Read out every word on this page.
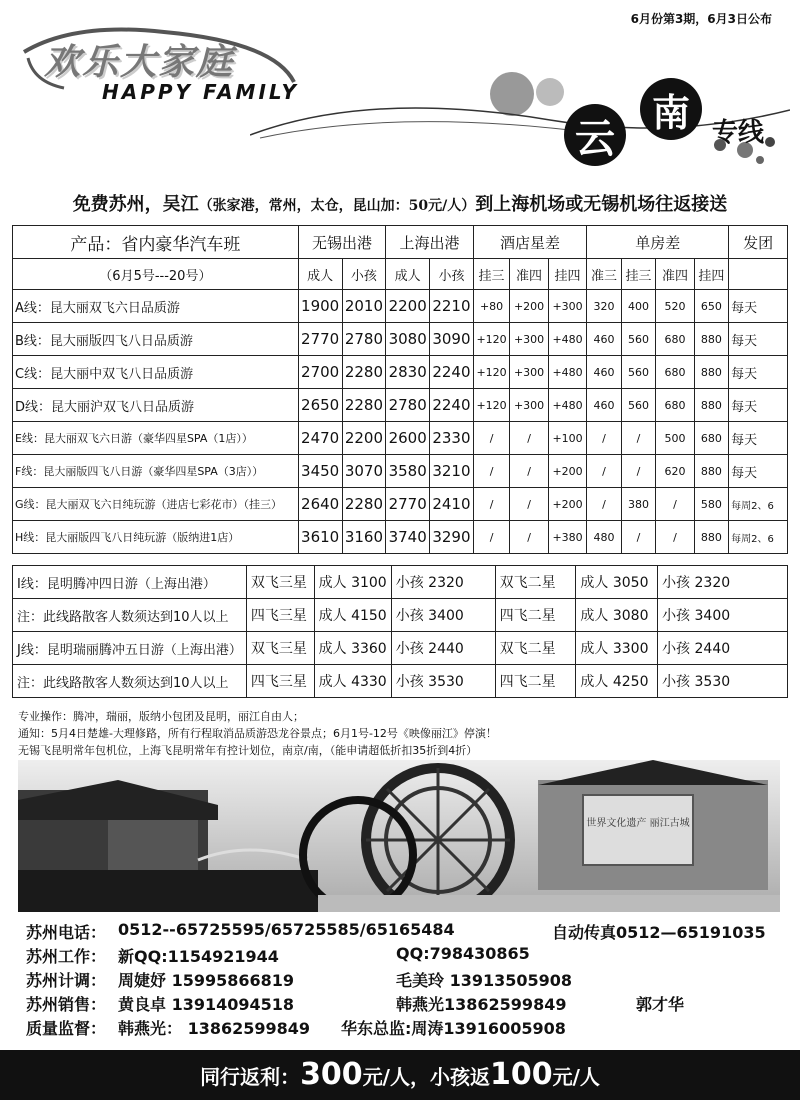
6月份第3期，6月3日公布
欢乐大家庭
HAPPY FAMILY
云
南 专线
免费苏州，吴江（张家港，常州，太仓，昆山加：50元/人）到上海机场或无锡机场往返接送
产品：省内豪华汽车班	无锡出港		上海出港		酒店星差			单房差				发团
（6月5号---20号）	成人	小孩	成人	小孩	挂三	准四	挂四	准三	挂三	准四	挂四	
A线：昆大丽双飞六日品质游	1900	2010	2200	2210	+80	+200	+300	320	400	520	650	每天
B线：昆大丽版四飞八日品质游	2770	2780	3080	3090	+120	+300	+480	460	560	680	880	每天
C线：昆大丽中双飞八日品质游	2700	2280	2830	2240	+120	+300	+480	460	560	680	880	每天
D线：昆大丽沪双飞八日品质游	2650	2280	2780	2240	+120	+300	+480	460	560	680	880	每天
E线：昆大丽双飞六日游（豪华四星SPA（1店））	2470	2200	2600	2330	/	/	+100	/	/	500	680	每天
F线：昆大丽版四飞八日游（豪华四星SPA（3店））	3450	3070	3580	3210	/	/	+200	/	/	620	880	每天
G线：昆大丽双飞六日纯玩游（进店七彩花市）（挂三）	2640	2280	2770	2410	/	/	+200	/	380	/	580	每周2、6
H线：昆大丽版四飞八日纯玩游（版纳进1店）	3610	3160	3740	3290	/	/	+380	480	/	/	880	每周2、6
I线：昆明腾冲四日游（上海出港）	双飞三星	成人 3100	小孩 2320	双飞二星	成人 3050	小孩 2320
注：此线路散客人数须达到10人以上	四飞三星	成人 4150	小孩 3400	四飞二星	成人 3080	小孩 3400
J线：昆明瑞丽腾冲五日游（上海出港）	双飞三星	成人 3360	小孩 2440	双飞二星	成人 3300	小孩 2440
注：此线路散客人数须达到10人以上	四飞三星	成人 4330	小孩 3530	四飞二星	成人 4250	小孩 3530
专业操作：腾冲，瑞丽，版纳小包团及昆明，丽江自由人；
通知：5月4日楚雄-大理修路，所有行程取消品质游恐龙谷景点；6月1号-12号《映像丽江》停演！
无锡飞昆明常年包机位，上海飞昆明常年有控计划位，南京/南，（能申请超低折扣35折到4折）
世界文化遗产 丽江古城
苏州电话： 0512--65725595/65725585/65165484	自动传真0512—65191035
苏州工作： 新QQ:1154921944	QQ:798430865
苏州计调： 周婕妤 15995866819	毛美玲 13913505908
苏州销售： 黄良卓 13914094518	韩燕光13862599849	郭才华
质量监督： 韩燕光： 13862599849 华东总监:周涛13916005908
同行返利：300元/人，小孩返100元/人
